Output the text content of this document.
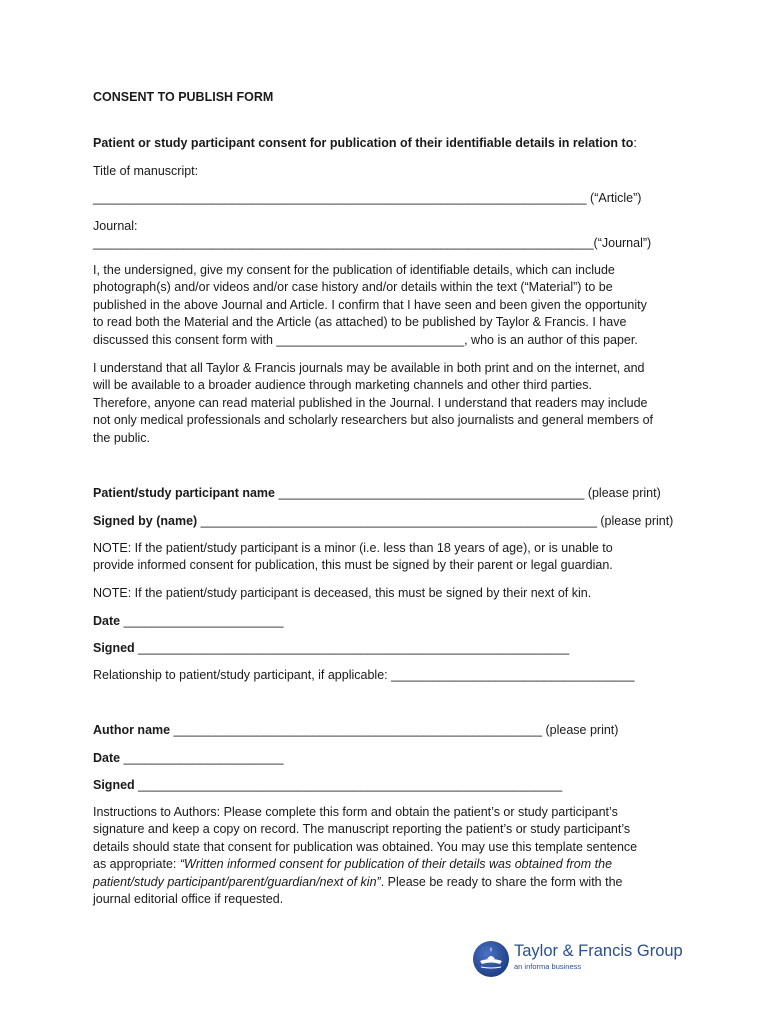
CONSENT TO PUBLISH FORM
Patient or study participant consent for publication of their identifiable details in relation to:
Title of manuscript:
_______________________________________________________________________ (“Article”)
Journal:
________________________________________________________________________(“Journal”)
I, the undersigned, give my consent for the publication of identifiable details, which can include
photograph(s) and/or videos and/or case history and/or details within the text (“Material”) to be
published in the above Journal and Article. I confirm that I have seen and been given the opportunity
to read both the Material and the Article (as attached) to be published by Taylor & Francis. I have
discussed this consent form with ___________________________, who is an author of this paper.
I understand that all Taylor & Francis journals may be available in both print and on the internet, and
will be available to a broader audience through marketing channels and other third parties.
Therefore, anyone can read material published in the Journal. I understand that readers may include
not only medical professionals and scholarly researchers but also journalists and general members of
the public.
Patient/study participant name ____________________________________________ (please print)
Signed by (name) _________________________________________________________ (please print)
NOTE: If the patient/study participant is a minor (i.e. less than 18 years of age), or is unable to
provide informed consent for publication, this must be signed by their parent or legal guardian.
NOTE: If the patient/study participant is deceased, this must be signed by their next of kin.
Date _______________________
Signed ______________________________________________________________
Relationship to patient/study participant, if applicable: ___________________________________
Author name _____________________________________________________ (please print)
Date _______________________
Signed _____________________________________________________________
Instructions to Authors: Please complete this form and obtain the patient’s or study participant’s
signature and keep a copy on record. The manuscript reporting the patient’s or study participant’s
details should state that consent for publication was obtained. You may use this template sentence
as appropriate: “Written informed consent for publication of their details was obtained from the
patient/study participant/parent/guardian/next of kin”. Please be ready to share the form with the
journal editorial office if requested.
Taylor & Francis Group
an informa business
